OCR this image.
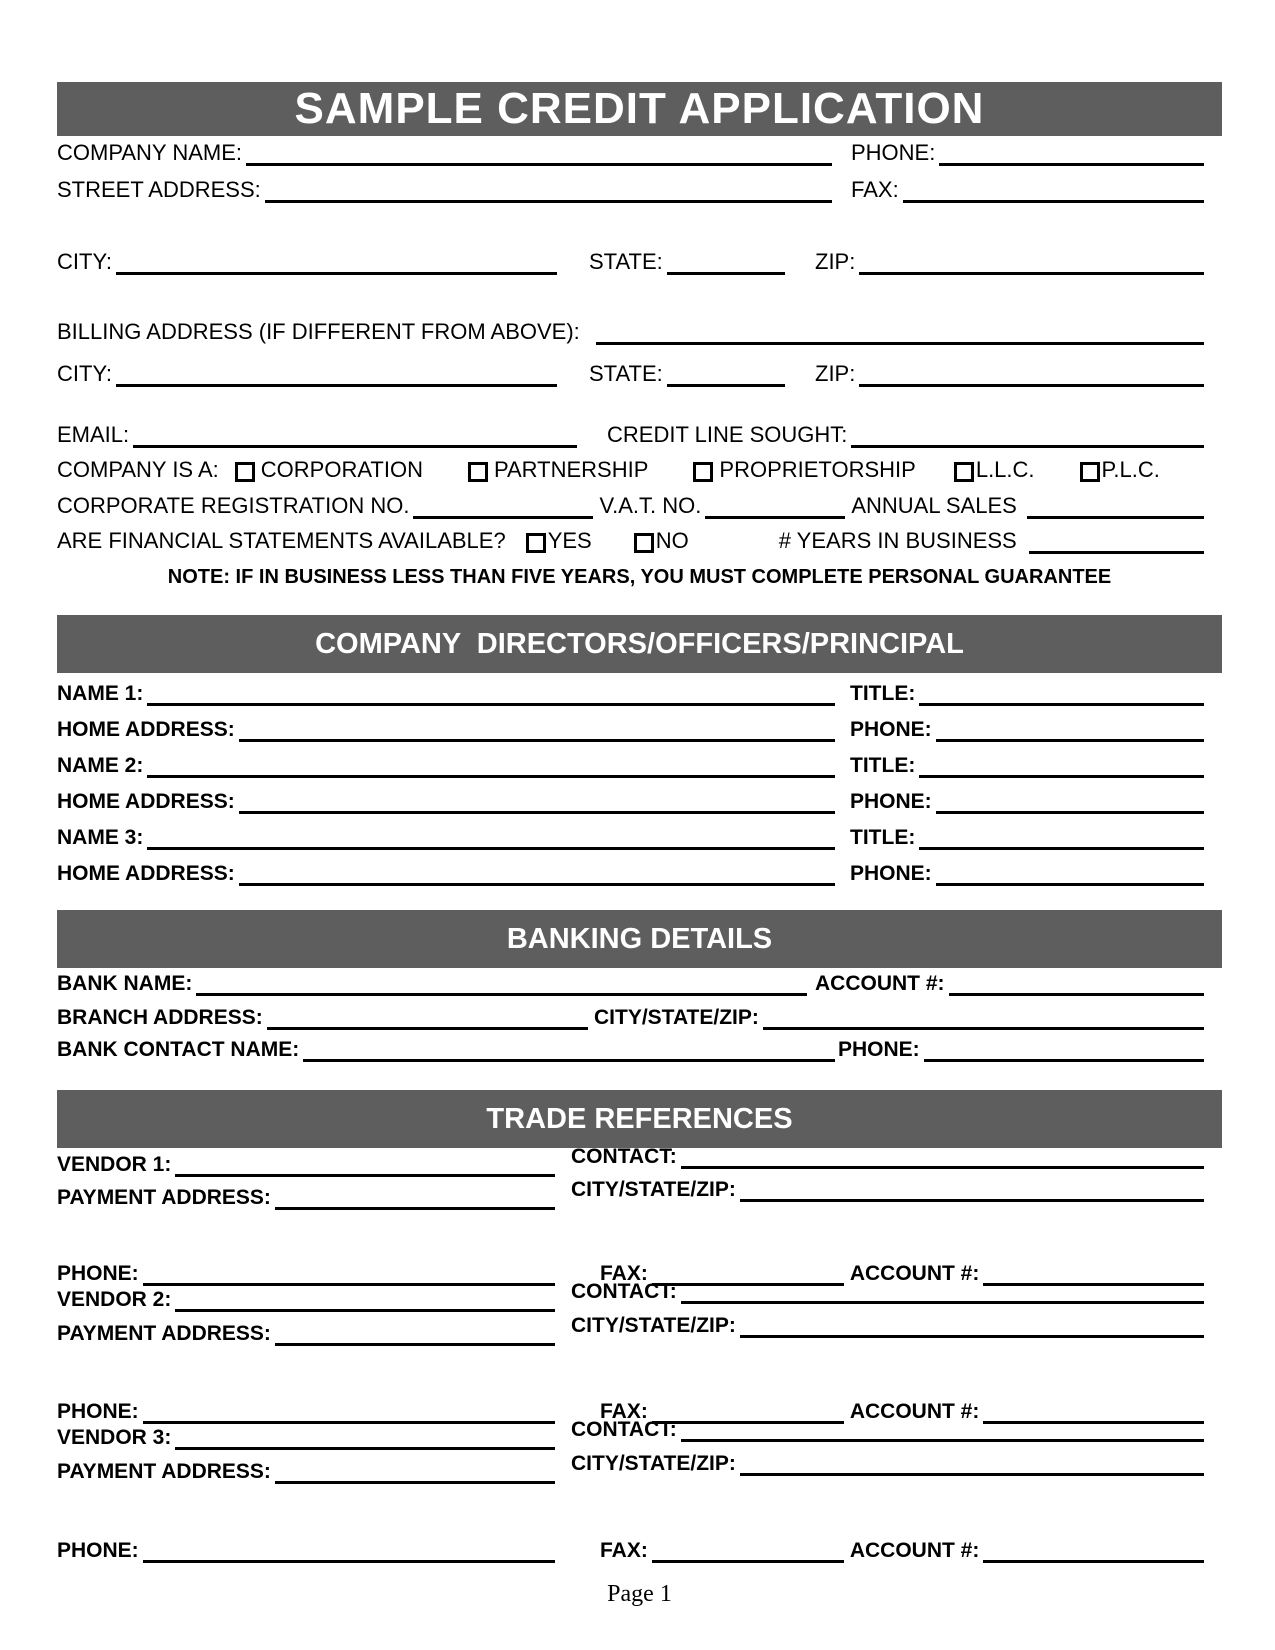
SAMPLE CREDIT APPLICATION
COMPANY NAME:	PHONE:
STREET ADDRESS:	FAX:
CITY:	STATE:	ZIP:
BILLING ADDRESS (IF DIFFERENT FROM ABOVE):
CITY:	STATE:	ZIP:
EMAIL:	CREDIT LINE SOUGHT:
COMPANY IS A: CORPORATION	PARTNERSHIP	PROPRIETORSHIP	L.L.C.	P.L.C.
CORPORATE REGISTRATION NO.	V.A.T. NO.	ANNUAL SALES
ARE FINANCIAL STATEMENTS AVAILABLE? YES	NO	# YEARS IN BUSINESS
NOTE: IF IN BUSINESS LESS THAN FIVE YEARS, YOU MUST COMPLETE PERSONAL GUARANTEE
COMPANY  DIRECTORS/OFFICERS/PRINCIPAL
NAME 1:	TITLE:
HOME ADDRESS:	PHONE:
NAME 2:	TITLE:
HOME ADDRESS:	PHONE:
NAME 3:	TITLE:
HOME ADDRESS:	PHONE:
BANKING DETAILS
BANK NAME:	ACCOUNT #:
BRANCH ADDRESS:	CITY/STATE/ZIP:
BANK CONTACT NAME:	PHONE:
TRADE REFERENCES
VENDOR 1:	CONTACT:
PAYMENT ADDRESS:	CITY/STATE/ZIP:
PHONE:	FAX:	ACCOUNT #:
VENDOR 2:	CONTACT:
PAYMENT ADDRESS:	CITY/STATE/ZIP:
PHONE:	FAX:	ACCOUNT #:
VENDOR 3:	CONTACT:
PAYMENT ADDRESS:	CITY/STATE/ZIP:
PHONE:	FAX:	ACCOUNT #:
Page 1
